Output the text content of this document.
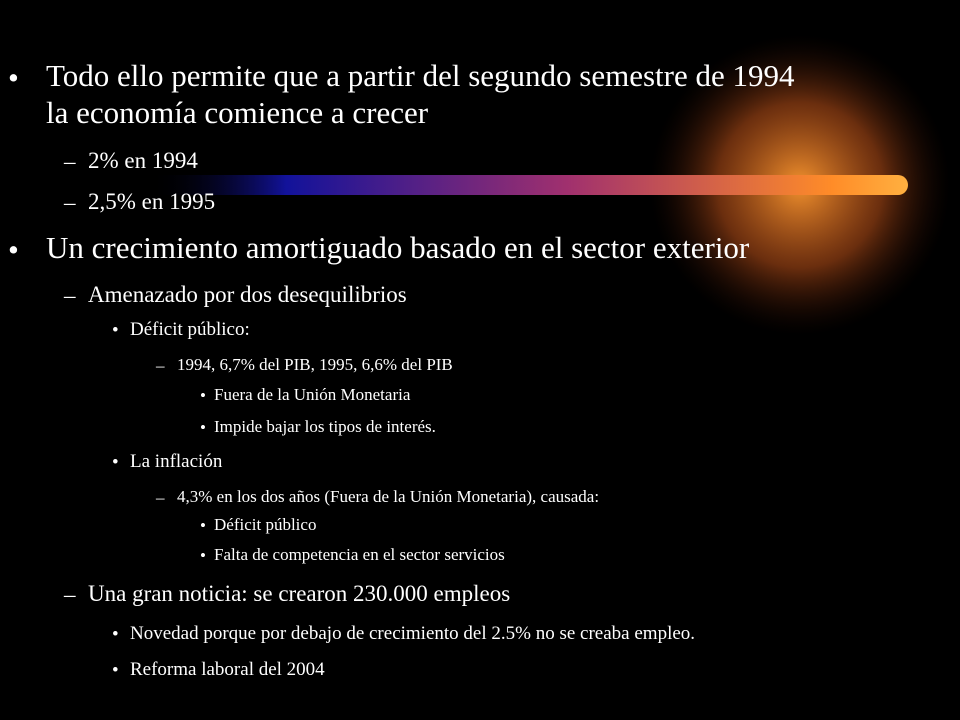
• Todo ello permite que a partir del segundo semestre de 1994
la economía comience a crecer
– 2% en 1994
– 2,5% en 1995
• Un crecimiento amortiguado basado en el sector exterior
– Amenazado por dos desequilibrios
• Déficit público:
– 1994, 6,7% del PIB, 1995, 6,6% del PIB
• Fuera de la Unión Monetaria
• Impide bajar los tipos de interés.
• La inflación
– 4,3% en los dos años (Fuera de la Unión Monetaria), causada:
• Déficit público
• Falta de competencia en el sector servicios
– Una gran noticia: se crearon 230.000 empleos
• Novedad porque por debajo de crecimiento del 2.5% no se creaba empleo.
• Reforma laboral del 2004
